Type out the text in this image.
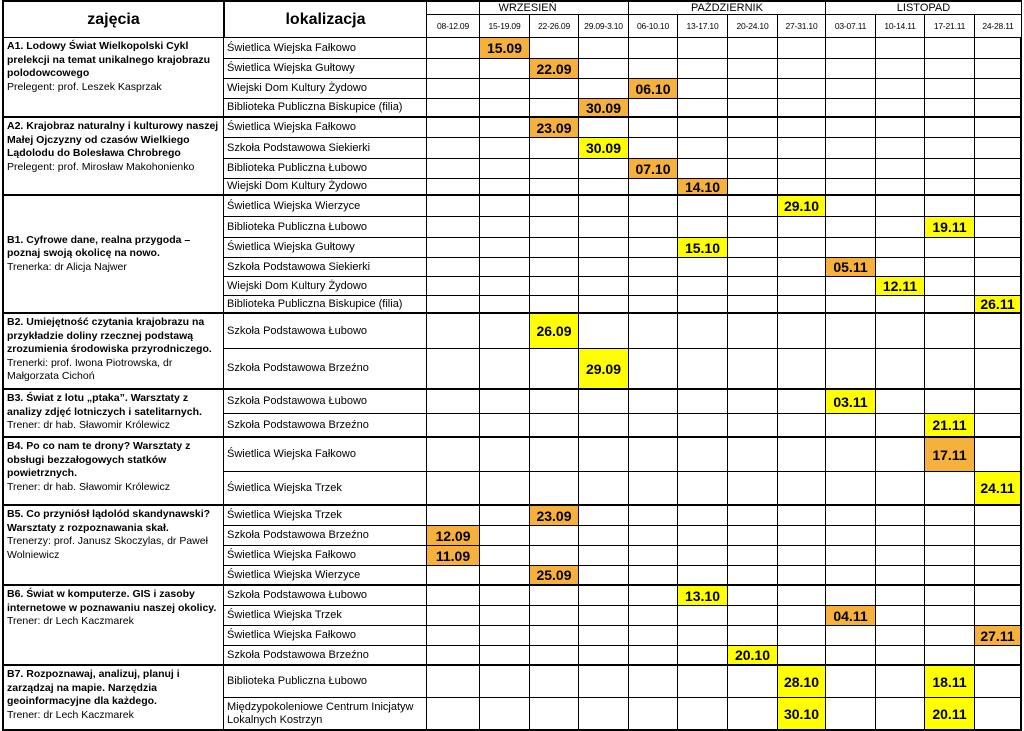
zajęcia	lokalizacja
WRZESIEŃ	PAŹDZIERNIK	LISTOPAD
08-12.09	15-19.09	22-26.09	29.09-3.10	06-10.10	13-17.10	20-24.10	27-31.10	03-07.11	10-14.11	17-21.11	24-28.11
A1. Lodowy Świat Wielkopolski Cykl prelekcji na temat unikalnego krajobrazu polodowcowego
Prelegent: prof. Leszek Kasprzak
Świetlica Wiejska Fałkowo	15.09
Świetlica Wiejska Gułtowy	22.09
Wiejski Dom Kultury Żydowo	06.10
Biblioteka Publiczna Biskupice (filia)	30.09
A2. Krajobraz naturalny i kulturowy naszej Małej Ojczyzny od czasów Wielkiego Lądolodu do Bolesława Chrobrego
Prelegent: prof. Mirosław Makohonienko
Świetlica Wiejska Fałkowo	23.09
Szkoła Podstawowa Siekierki	30.09
Biblioteka Publiczna Łubowo	07.10
Wiejski Dom Kultury Żydowo	14.10
B1. Cyfrowe dane, realna przygoda – poznaj swoją okolicę na nowo.
Trenerka: dr Alicja Najwer
Świetlica Wiejska Wierzyce	29.10
Biblioteka Publiczna Łubowo	19.11
Świetlica Wiejska Gułtowy	15.10
Szkoła Podstawowa Siekierki	05.11
Wiejski Dom Kultury Żydowo	12.11
Biblioteka Publiczna Biskupice (filia)	26.11
B2. Umiejętność czytania krajobrazu na przykładzie doliny rzecznej podstawą zrozumienia środowiska przyrodniczego.
Trenerki: prof. Iwona Piotrowska, dr Małgorzata Cichoń
Szkoła Podstawowa Łubowo	26.09
Szkoła Podstawowa Brzeźno	29.09
B3. Świat z lotu „ptaka”. Warsztaty z analizy zdjęć lotniczych i satelitarnych.
Trener: dr hab. Sławomir Królewicz
Szkoła Podstawowa Łubowo	03.11
Szkoła Podstawowa Brzeźno	21.11
B4. Po co nam te drony? Warsztaty z obsługi bezzałogowych statków powietrznych.
Trener: dr hab. Sławomir Królewicz
Świetlica Wiejska Fałkowo	17.11
Świetlica Wiejska Trzek	24.11
B5. Co przyniósł lądolód skandynawski? Warsztaty z rozpoznawania skał.
Trenerzy: prof. Janusz Skoczylas, dr Paweł Wolniewicz
Świetlica Wiejska Trzek	23.09
Szkoła Podstawowa Brzeźno	12.09
Świetlica Wiejska Fałkowo	11.09
Świetlica Wiejska Wierzyce	25.09
B6. Świat w komputerze. GIS i zasoby internetowe w poznawaniu naszej okolicy.
Trener: dr Lech Kaczmarek
Szkoła Podstawowa Łubowo	13.10
Świetlica Wiejska Trzek	04.11
Świetlica Wiejska Fałkowo	27.11
Szkoła Podstawowa Brzeźno	20.10
B7. Rozpoznawaj, analizuj, planuj i zarządzaj na mapie. Narzędzia geoinformacyjne dla każdego.
Trener: dr Lech Kaczmarek
Biblioteka Publiczna Łubowo	28.10	18.11
Międzypokoleniowe Centrum Inicjatyw Lokalnych Kostrzyn	30.10	20.11
